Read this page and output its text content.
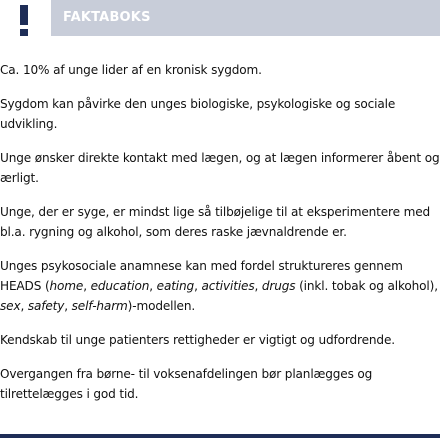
FAKTABOKS

Ca. 10% af unge lider af en kronisk sygdom.

Sygdom kan påvirke den unges biologiske, psykologiske og sociale udvikling.

Unge ønsker direkte kontakt med lægen, og at lægen informerer åbent og ærligt.

Unge, der er syge, er mindst lige så tilbøjelige til at eksperimentere med bl.a. rygning og alkohol, som deres raske jævnaldrende er.

Unges psykosociale anamnese kan med fordel struktureres gennem HEADS (home, education, eating, activities, drugs (inkl. tobak og alkohol), sex, safety, self-harm)-modellen.

Kendskab til unge patienters rettigheder er vigtigt og udfordrende.

Overgangen fra børne- til voksenafdelingen bør planlægges og tilrettelægges i god tid.
